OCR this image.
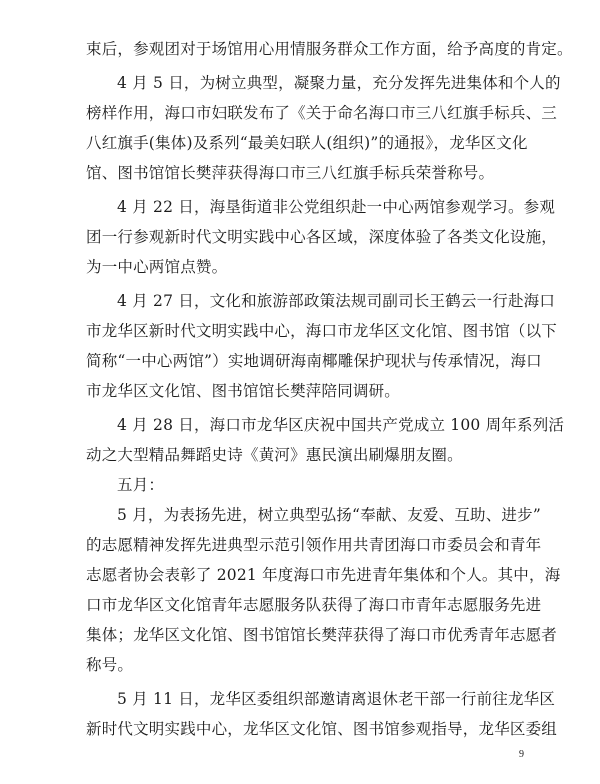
束后，参观团对于场馆用心用情服务群众工作方面，给予高度的肯定。
4 月 5 日，为树立典型，凝聚力量，充分发挥先进集体和个人的
榜样作用，海口市妇联发布了《关于命名海口市三八红旗手标兵、三
八红旗手(集体)及系列“最美妇联人(组织)”的通报》，龙华区文化
馆、图书馆馆长樊萍获得海口市三八红旗手标兵荣誉称号。
4 月 22 日，海垦街道非公党组织赴一中心两馆参观学习。参观
团一行参观新时代文明实践中心各区域，深度体验了各类文化设施，
为一中心两馆点赞。
4 月 27 日，文化和旅游部政策法规司副司长王鹤云一行赴海口
市龙华区新时代文明实践中心，海口市龙华区文化馆、图书馆（以下
简称“一中心两馆”）实地调研海南椰雕保护现状与传承情况，海口
市龙华区文化馆、图书馆馆长樊萍陪同调研。
4 月 28 日，海口市龙华区庆祝中国共产党成立 100 周年系列活
动之大型精品舞蹈史诗《黄河》惠民演出刷爆朋友圈。
五月：
5 月，为表扬先进，树立典型弘扬“奉献、友爱、互助、进步”
的志愿精神发挥先进典型示范引领作用共青团海口市委员会和青年
志愿者协会表彰了 2021 年度海口市先进青年集体和个人。其中，海
口市龙华区文化馆青年志愿服务队获得了海口市青年志愿服务先进
集体；龙华区文化馆、图书馆馆长樊萍获得了海口市优秀青年志愿者
称号。
5 月 11 日，龙华区委组织部邀请离退休老干部一行前往龙华区
新时代文明实践中心，龙华区文化馆、图书馆参观指导，龙华区委组
9
